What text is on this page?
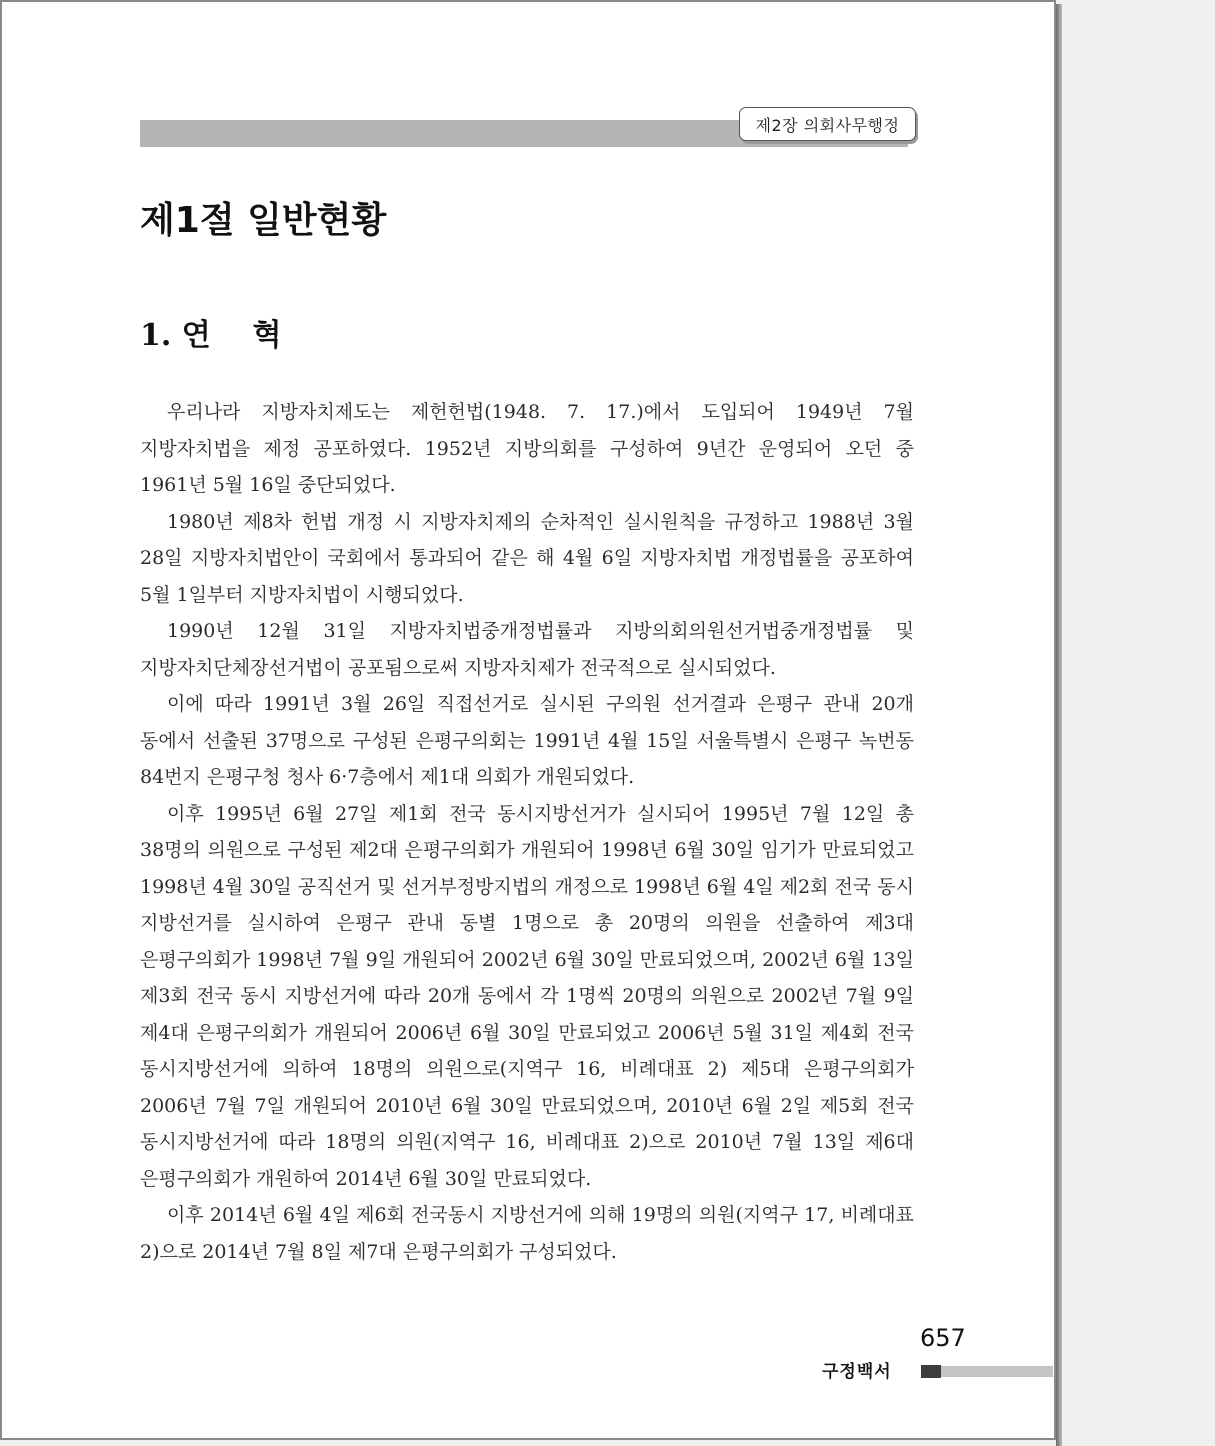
제2장 의회사무행정
제1절 일반현황
1. 연    혁

우리나라 지방자치제도는 제헌헌법(1948. 7. 17.)에서 도입되어 1949년 7월 지방자치법을 제정 공포하였다. 1952년 지방의회를 구성하여 9년간 운영되어 오던 중 1961년 5월 16일 중단되었다.

1980년 제8차 헌법 개정 시 지방자치제의 순차적인 실시원칙을 규정하고 1988년 3월 28일 지방자치법안이 국회에서 통과되어 같은 해 4월 6일 지방자치법 개정법률을 공포하여 5월 1일부터 지방자치법이 시행되었다.

1990년 12월 31일 지방자치법중개정법률과 지방의회의원선거법중개정법률 및 지방자치단체장선거법이 공포됨으로써 지방자치제가 전국적으로 실시되었다.

이에 따라 1991년 3월 26일 직접선거로 실시된 구의원 선거결과 은평구 관내 20개 동에서 선출된 37명으로 구성된 은평구의회는 1991년 4월 15일 서울특별시 은평구 녹번동 84번지 은평구청 청사 6·7층에서 제1대 의회가 개원되었다.

이후 1995년 6월 27일 제1회 전국 동시지방선거가 실시되어 1995년 7월 12일 총 38명의 의원으로 구성된 제2대 은평구의회가 개원되어 1998년 6월 30일 임기가 만료되었고 1998년 4월 30일 공직선거 및 선거부정방지법의 개정으로 1998년 6월 4일 제2회 전국 동시 지방선거를 실시하여 은평구 관내 동별 1명으로 총 20명의 의원을 선출하여 제3대 은평구의회가 1998년 7월 9일 개원되어 2002년 6월 30일 만료되었으며, 2002년 6월 13일 제3회 전국 동시 지방선거에 따라 20개 동에서 각 1명씩 20명의 의원으로 2002년 7월 9일 제4대 은평구의회가 개원되어 2006년 6월 30일 만료되었고 2006년 5월 31일 제4회 전국 동시지방선거에 의하여 18명의 의원으로(지역구 16, 비례대표 2) 제5대 은평구의회가 2006년 7월 7일 개원되어 2010년 6월 30일 만료되었으며, 2010년 6월 2일 제5회 전국 동시지방선거에 따라 18명의 의원(지역구 16, 비례대표 2)으로 2010년 7월 13일 제6대 은평구의회가 개원하여 2014년 6월 30일 만료되었다.

이후 2014년 6월 4일 제6회 전국동시 지방선거에 의해 19명의 의원(지역구 17, 비례대표 2)으로 2014년 7월 8일 제7대 은평구의회가 구성되었다.

657
구정백서
